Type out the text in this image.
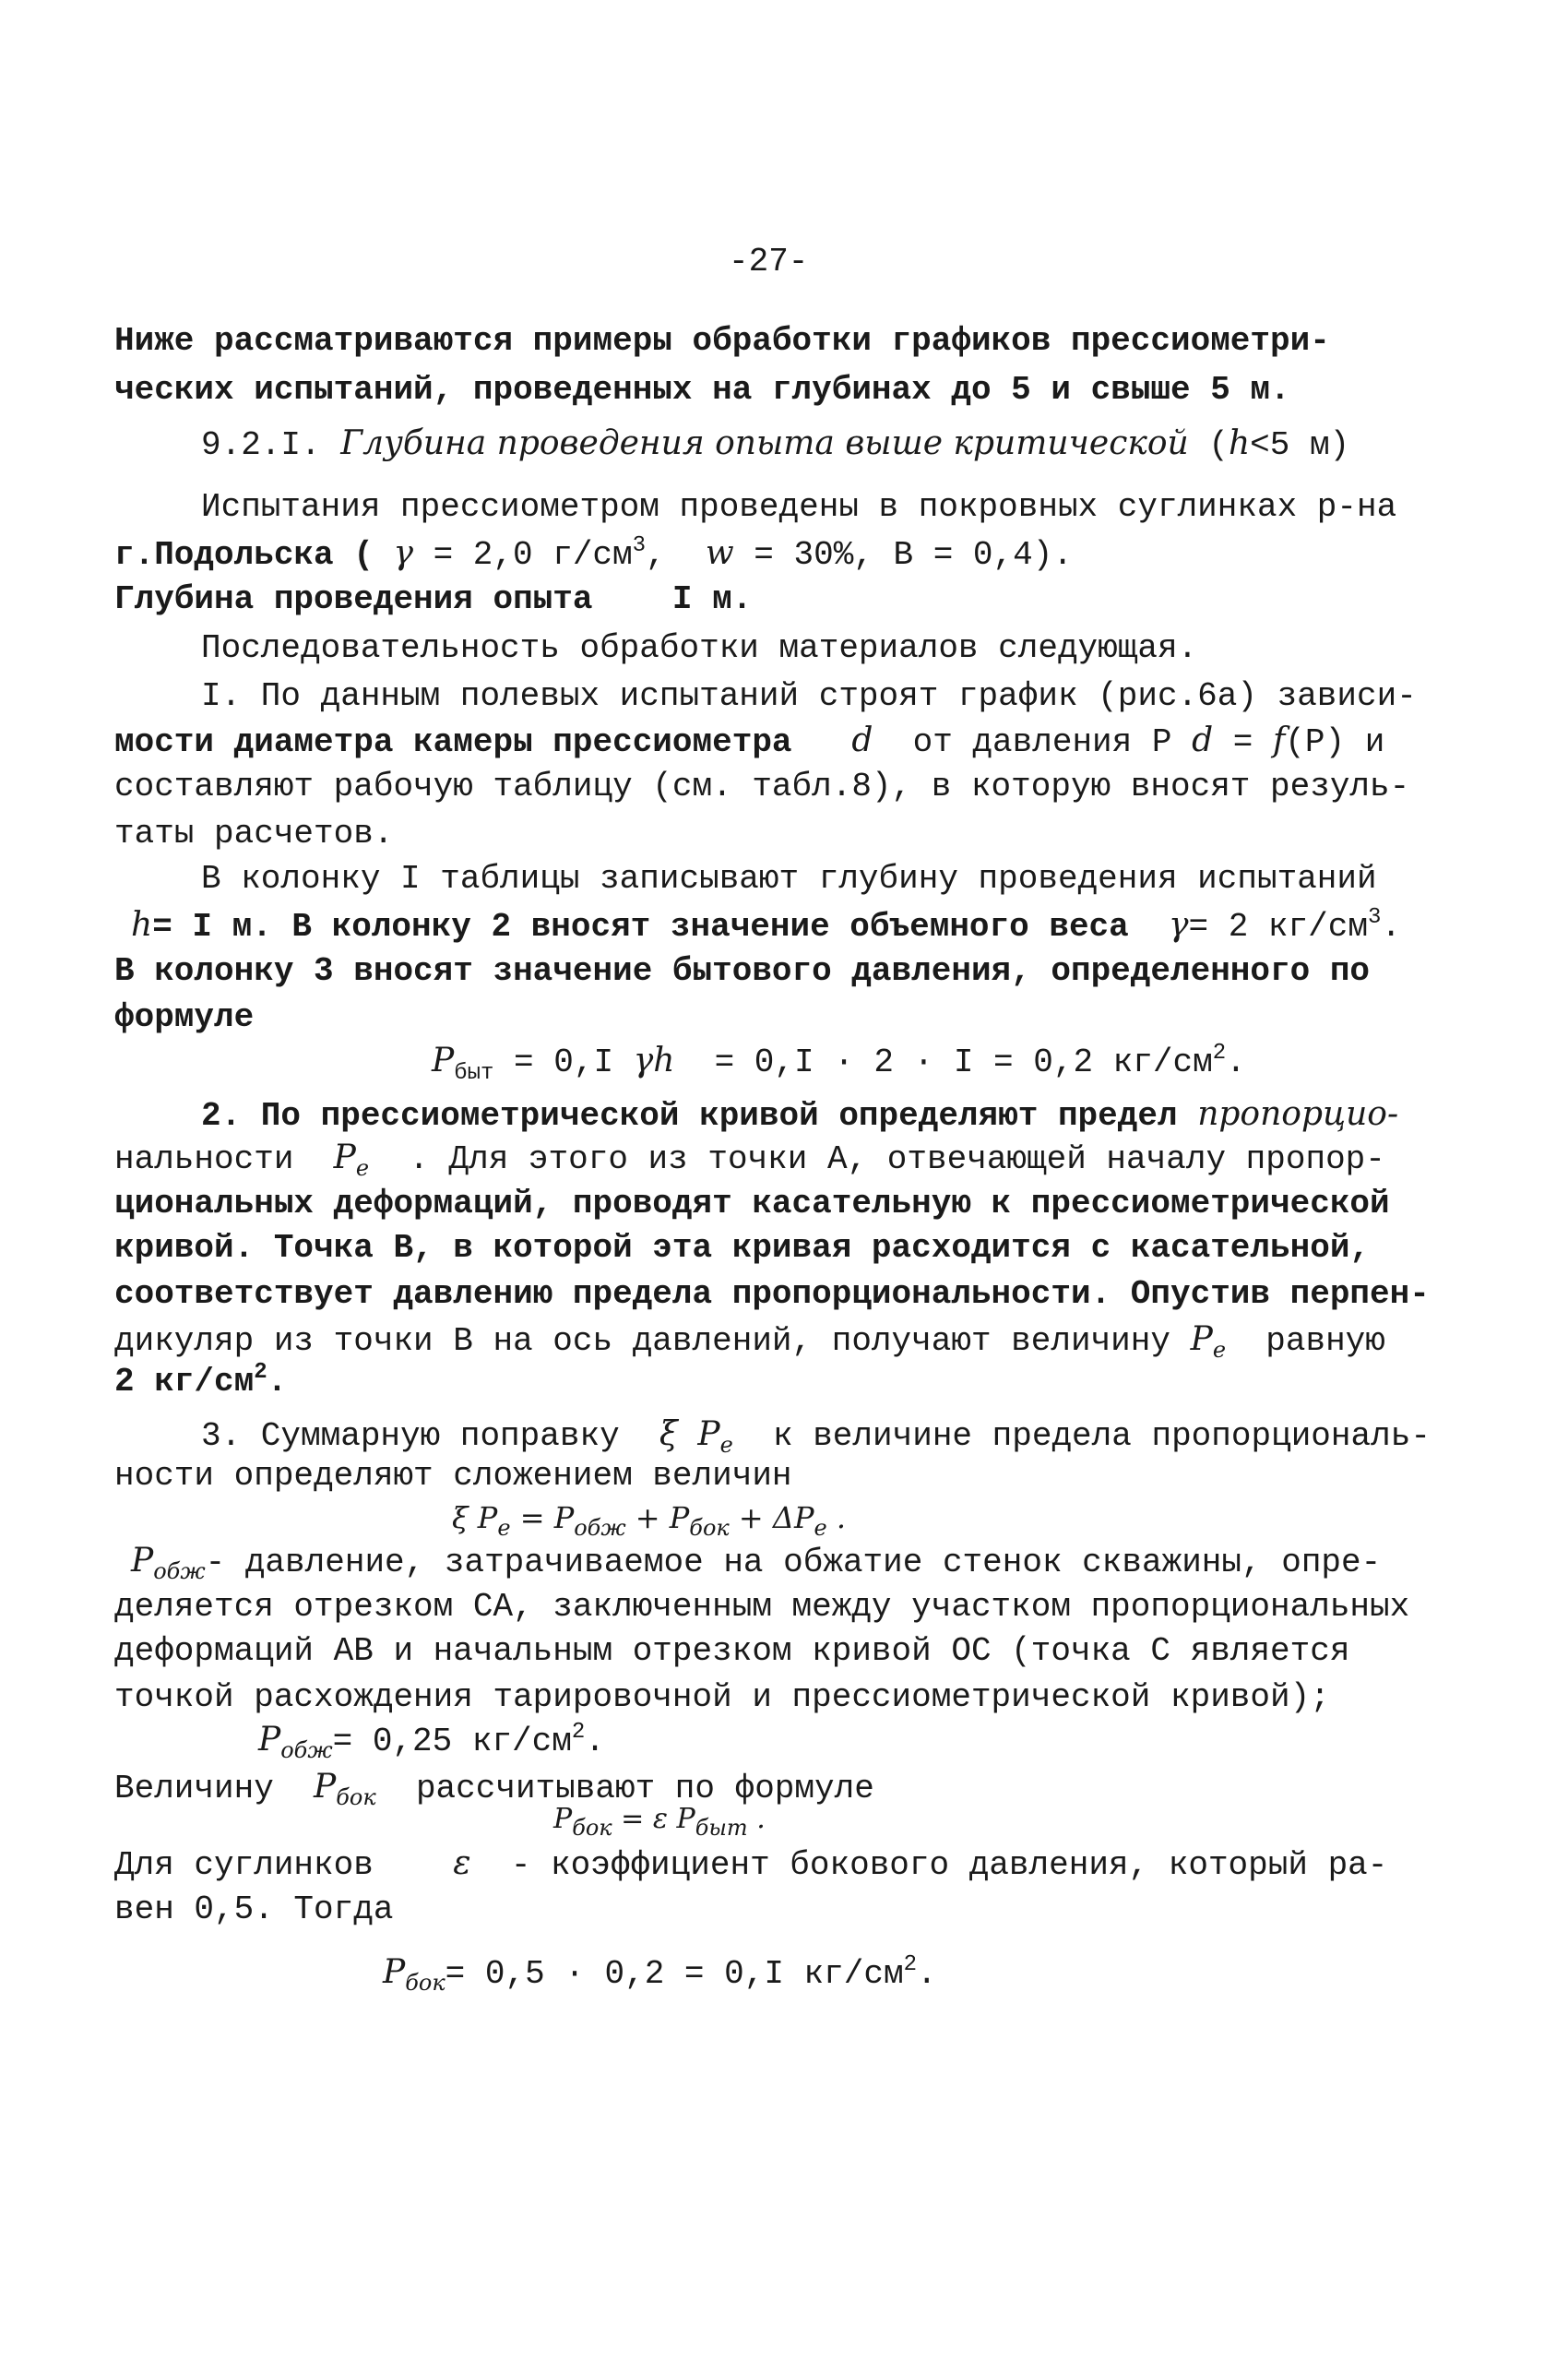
-27-
Ниже рассматриваются примеры обработки графиков прессиометри-
ческих испытаний, проведенных на глубинах до 5 и свыше 5 м.
9.2.I. Глубина проведения опыта выше критической (h<5 м)
Испытания прессиометром проведены в покровных суглинках р-на
г.Подольска ( γ = 2,0 $г/см^3$, w = 30%, В = 0,4).
Глубина проведения опыта    I м.
Последовательность обработки материалов следующая.
I. По данным полевых испытаний строят график (рис.6а) зависи-
мости диаметра камеры прессиометра d от давления P d = f(P) и
составляют рабочую таблицу (см. табл.8), в которую вносят резуль-
таты расчетов.
В колонку I таблицы записывают глубину проведения испытаний
h= I м. В колонку 2 вносят значение объемного веса γ= 2 $кг/см^3$.
В колонку 3 вносят значение бытового давления, определенного по
формуле
$P_{быт} = 0,I$ γh  = 0,I · 2 · I = 0,2 $кг/см^2$.
2. По прессиометрической кривой определяют предел пропорцио-
нальности $P_e$ . Для этого из точки А, отвечающей началу пропор-
циональных деформаций, проводят касательную к прессиометрической
кривой. Точка В, в которой эта кривая расходится с касательной,
соответствует давлению предела пропорциональности. Опустив перпен-
дикуляр из точки В на ось давлений, получают величину $P_e$ равную
2 $кг/см^2$.
3. Суммарную поправку ξ $P_e$ к величине предела пропорциональ-
ности определяют сложением величин
ξ $P_e = P_{обж} + P_{бок} + \Delta P_e$ .
$P_{обж}-$ давление, затрачиваемое на обжатие стенок скважины, опре-
деляется отрезком СА, заключенным между участком пропорциональных
деформаций АВ и начальным отрезком кривой ОС (точка С является
точкой расхождения тарировочной и прессиометрической кривой);
$P_{обж}= 0,25$ $кг/см^2$.
Величину $P_{бок}$ рассчитывают по формуле
$P_{бок} = \varepsilon$ $P_{быт}$ .
Для суглинков ε - коэффициент бокового давления, который ра-
вен 0,5. Тогда
$P_{бок}= 0,5 \cdot 0,2 = 0,I$ $кг/см^2$.
